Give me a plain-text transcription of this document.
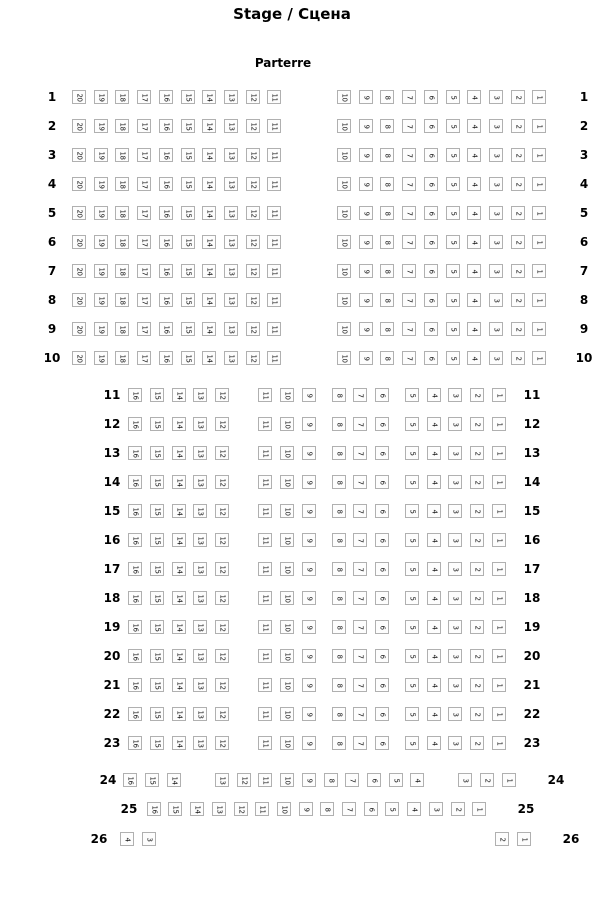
Stage / Сцена
Parterre
1	1
20 19 18 17 16 15 14 13 12 11	10 9 8 7 6 5 4 3 2 1
2	2
20 19 18 17 16 15 14 13 12 11	10 9 8 7 6 5 4 3 2 1
3	3
20 19 18 17 16 15 14 13 12 11	10 9 8 7 6 5 4 3 2 1
4	4
20 19 18 17 16 15 14 13 12 11	10 9 8 7 6 5 4 3 2 1
5	5
20 19 18 17 16 15 14 13 12 11	10 9 8 7 6 5 4 3 2 1
6	6
20 19 18 17 16 15 14 13 12 11	10 9 8 7 6 5 4 3 2 1
7	7
20 19 18 17 16 15 14 13 12 11	10 9 8 7 6 5 4 3 2 1
8	8
20 19 18 17 16 15 14 13 12 11	10 9 8 7 6 5 4 3 2 1
9	9
20 19 18 17 16 15 14 13 12 11	10 9 8 7 6 5 4 3 2 1
10	10
20 19 18 17 16 15 14 13 12 11	10 9 8 7 6 5 4 3 2 1
11	11
16 15 14 13 12	11 10 9	8 7 6	5 4 3 2 1
12	12
16 15 14 13 12	11 10 9	8 7 6	5 4 3 2 1
13	13
16 15 14 13 12	11 10 9	8 7 6	5 4 3 2 1
14	14
16 15 14 13 12	11 10 9	8 7 6	5 4 3 2 1
15	15
16 15 14 13 12	11 10 9	8 7 6	5 4 3 2 1
16	16
16 15 14 13 12	11 10 9	8 7 6	5 4 3 2 1
17	17
16 15 14 13 12	11 10 9	8 7 6	5 4 3 2 1
18	18
16 15 14 13 12	11 10 9	8 7 6	5 4 3 2 1
19	19
16 15 14 13 12	11 10 9	8 7 6	5 4 3 2 1
20	20
16 15 14 13 12	11 10 9	8 7 6	5 4 3 2 1
21	21
16 15 14 13 12	11 10 9	8 7 6	5 4 3 2 1
22	22
16 15 14 13 12	11 10 9	8 7 6	5 4 3 2 1
23	23
16 15 14 13 12	11 10 9	8 7 6	5 4 3 2 1
24	24
16 15 14	13 12 11 10 9 8 7 6 5 4	3 2 1
25	25
16 15 14 13 12 11 10 9 8 7 6 5 4 3 2 1
26	26
4 3	2 1
